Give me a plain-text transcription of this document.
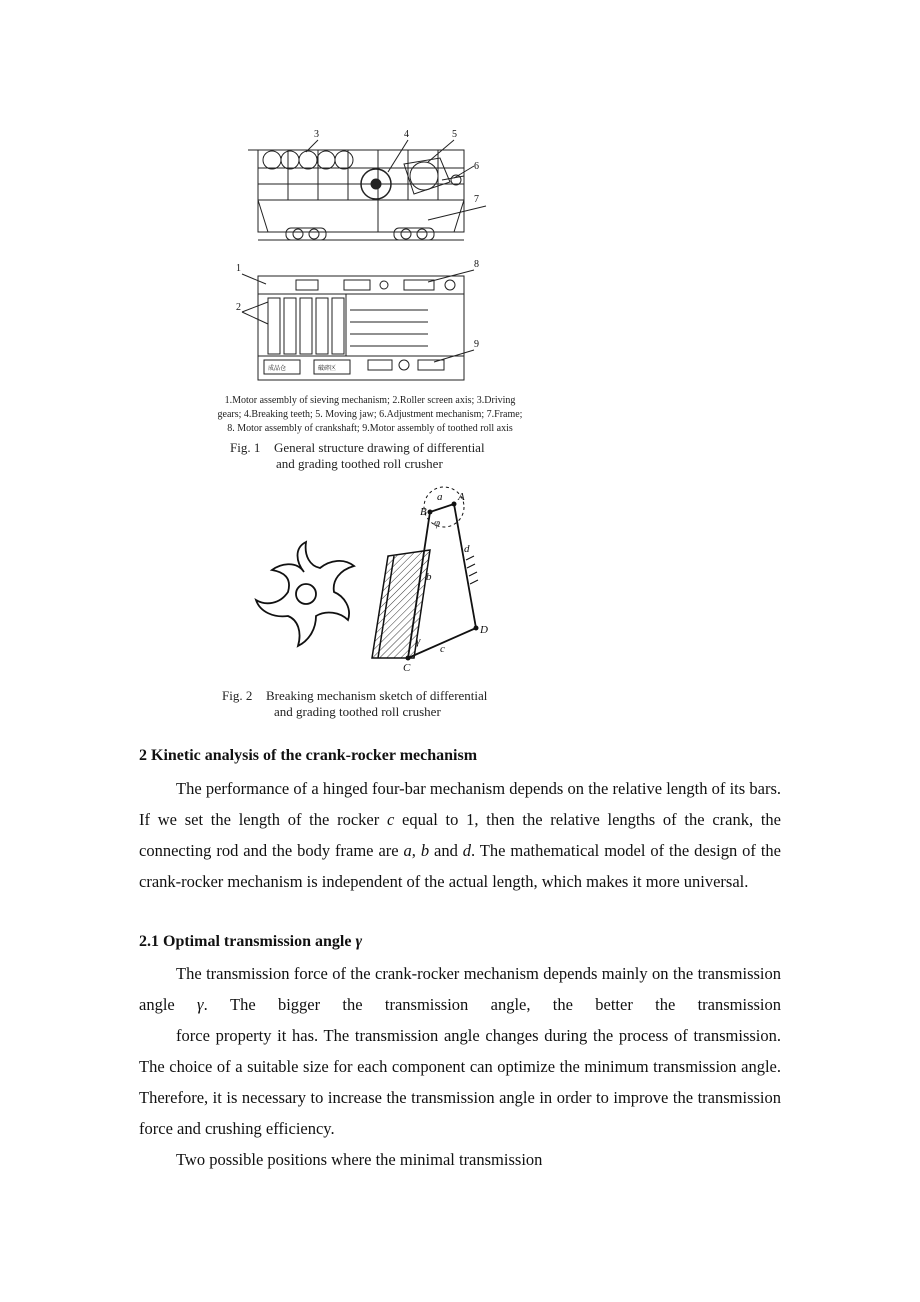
3	4	5
6
7
1
2
8
9
成品仓	破碎区
1.Motor assembly of sieving mechanism; 2.Roller screen axis; 3.Driving
gears; 4.Breaking teeth; 5. Moving jaw; 6.Adjustment mechanism; 7.Frame;
8. Motor assembly of crankshaft; 9.Motor assembly of toothed roll axis
Fig. 1 General structure drawing of differential
and grading toothed roll crusher
a A
B
φ
d
b
γ
D
c
C
Fig. 2 Breaking mechanism sketch of differential
and grading toothed roll crusher
2 Kinetic analysis of the crank-rocker mechanism

The performance of a hinged four-bar mechanism depends on the relative length of its bars. If we set the length of the rocker c equal to 1, then the relative lengths of the crank, the connecting rod and the body frame are a, b and d. The mathematical model of the design of the crank-rocker mechanism is independent of the actual length, which makes it more universal.

2.1 Optimal transmission angle γ

The transmission force of the crank-rocker mechanism depends mainly on the transmission angle γ. The bigger the transmission angle, the better the transmission

force property it has. The transmission angle changes during the process of transmission. The choice of a suitable size for each component can optimize the minimum transmission angle. Therefore, it is necessary to increase the transmission angle in order to improve the transmission force and crushing efficiency.

Two possible positions where the minimal transmission
